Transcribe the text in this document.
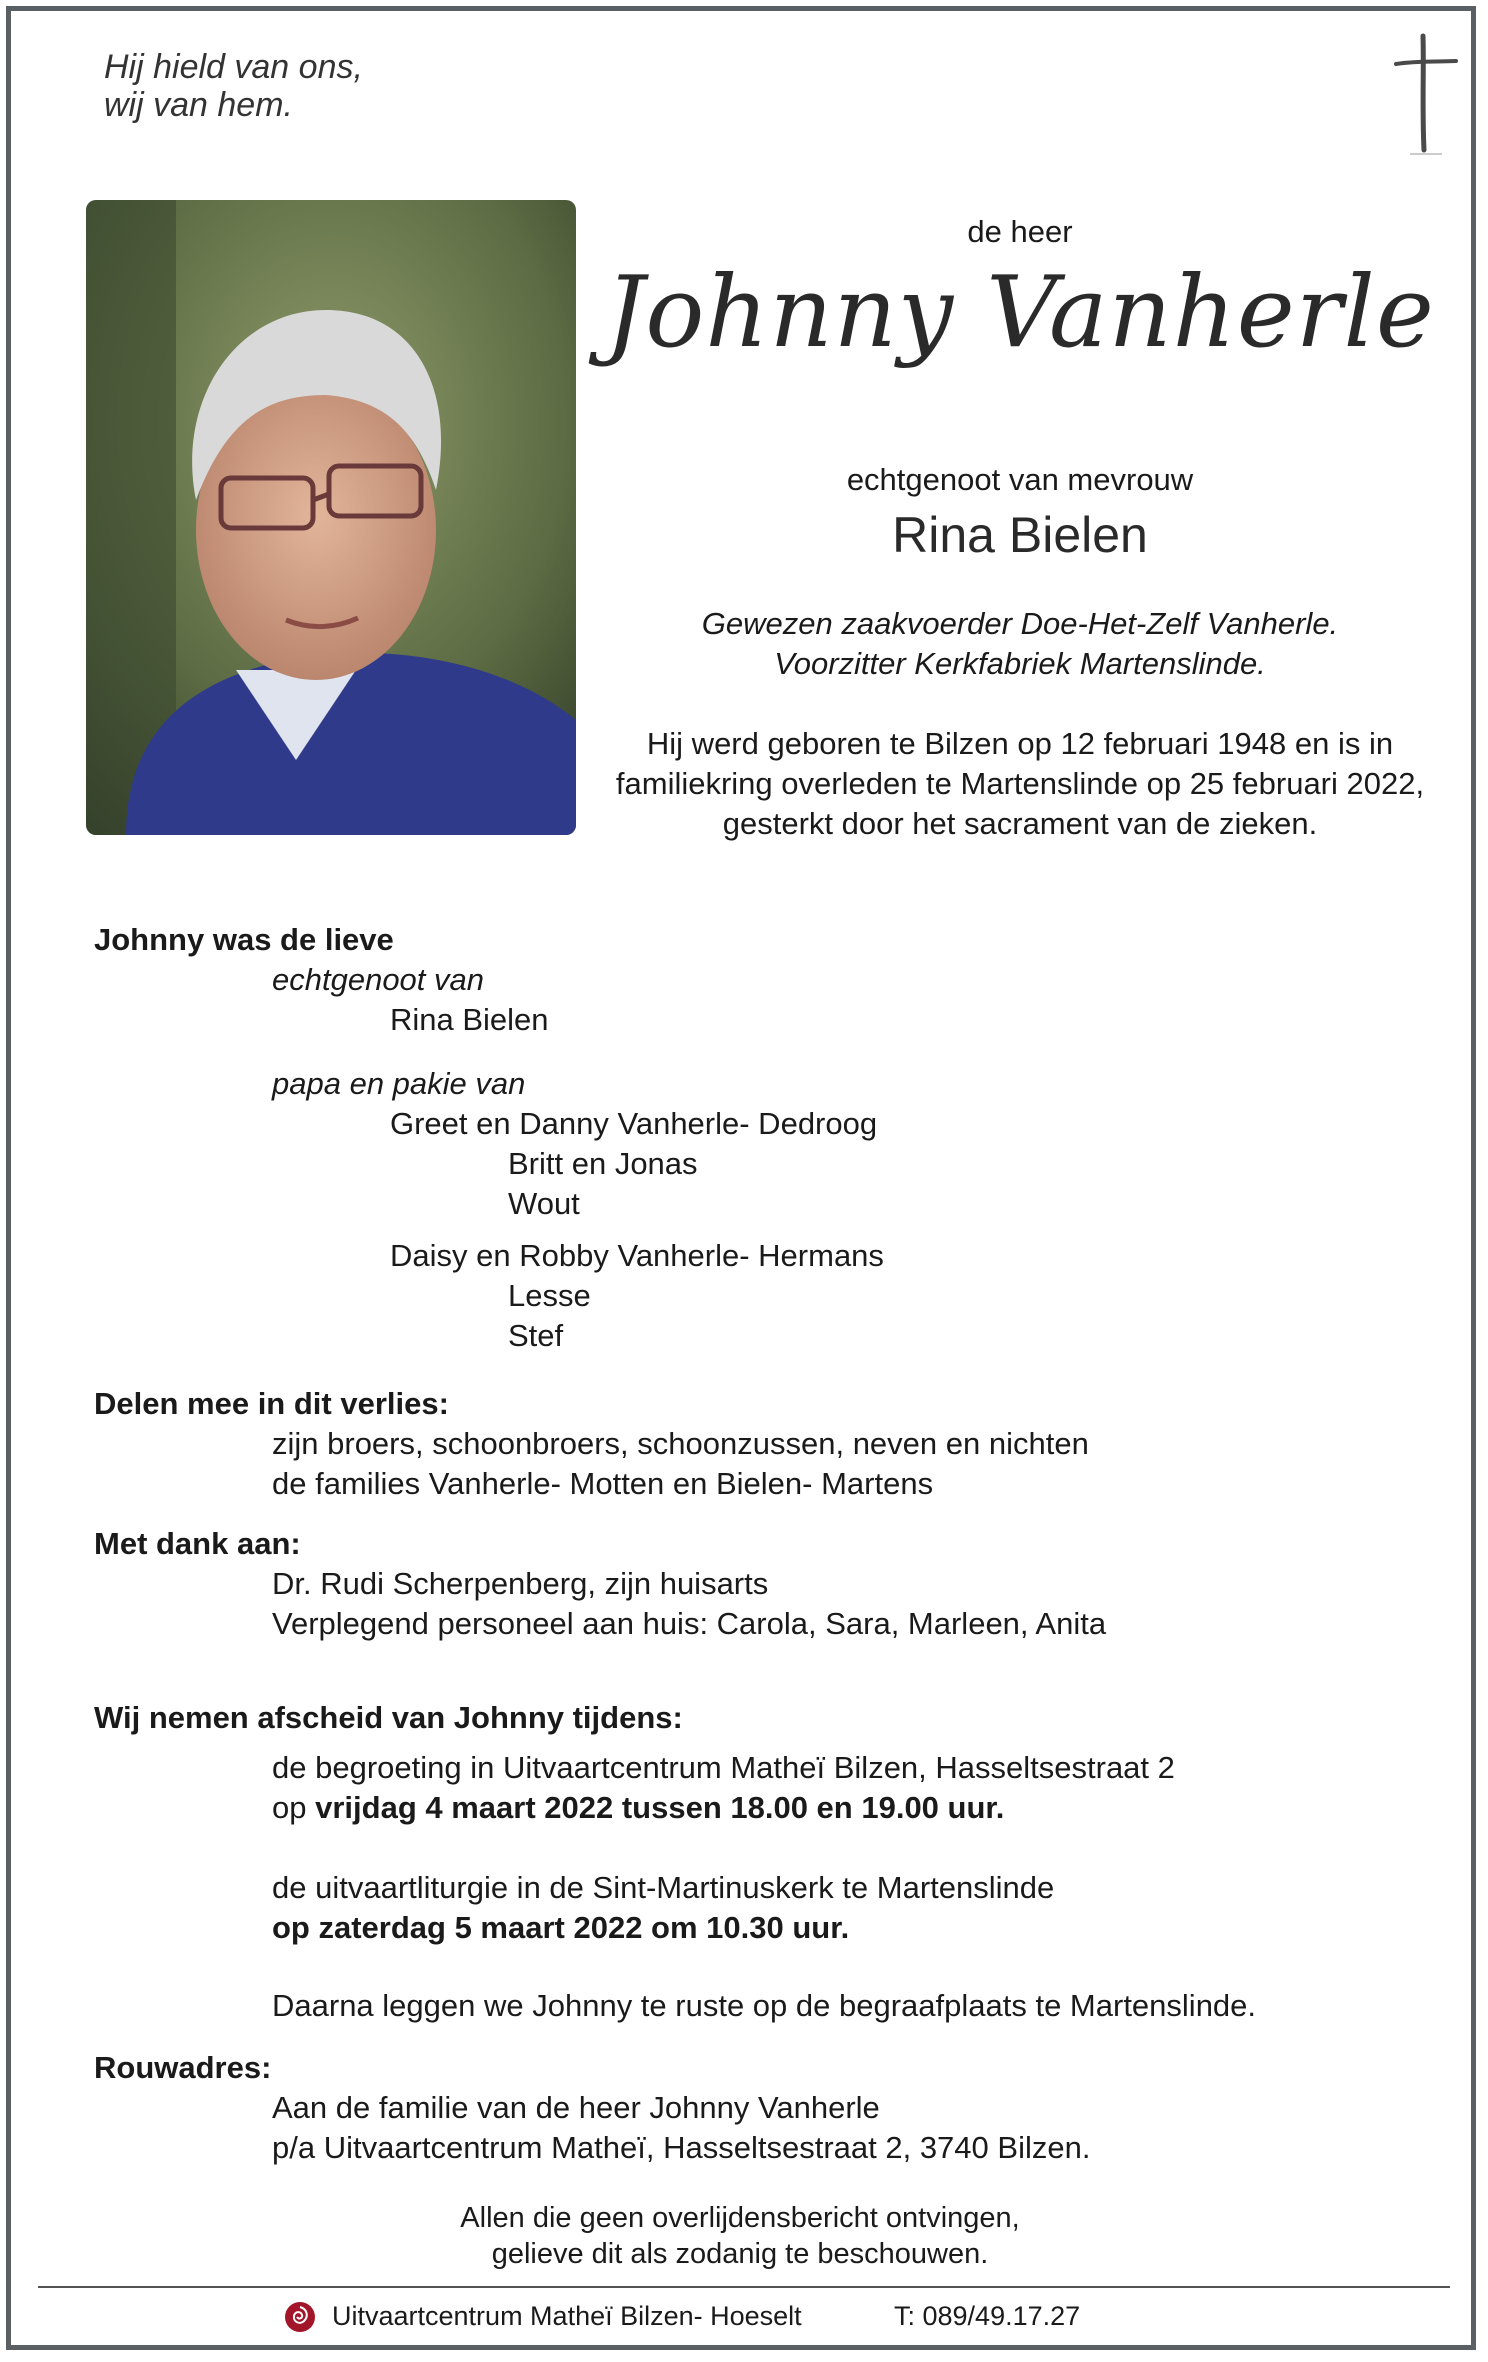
Hij hield van ons,
wij van hem.
de heer
Johnny Vanherle
echtgenoot van mevrouw
Rina Bielen
Gewezen zaakvoerder Doe-Het-Zelf Vanherle.
Voorzitter Kerkfabriek Martenslinde.
Hij werd geboren te Bilzen op 12 februari 1948 en is in
familiekring overleden te Martenslinde op 25 februari 2022,
gesterkt door het sacrament van de zieken.
Johnny was de lieve
echtgenoot van
Rina Bielen
papa en pakie van
Greet en Danny Vanherle- Dedroog
Britt en Jonas
Wout
Daisy en Robby Vanherle- Hermans
Lesse
Stef
Delen mee in dit verlies:
zijn broers, schoonbroers, schoonzussen, neven en nichten
de families Vanherle- Motten en Bielen- Martens
Met dank aan:
Dr. Rudi Scherpenberg, zijn huisarts
Verplegend personeel aan huis: Carola, Sara, Marleen, Anita
Wij nemen afscheid van Johnny tijdens:
de begroeting in Uitvaartcentrum Matheï Bilzen, Hasseltsestraat 2
op vrijdag 4 maart 2022 tussen 18.00 en 19.00 uur.
de uitvaartliturgie in de Sint-Martinuskerk te Martenslinde
op zaterdag 5 maart 2022 om 10.30 uur.
Daarna leggen we Johnny te ruste op de begraafplaats te Martenslinde.
Rouwadres:
Aan de familie van de heer Johnny Vanherle
p/a Uitvaartcentrum Matheï, Hasseltsestraat 2, 3740 Bilzen.
Allen die geen overlijdensbericht ontvingen,
gelieve dit als zodanig te beschouwen.
Uitvaartcentrum Matheï Bilzen- Hoeselt	T: 089/49.17.27
